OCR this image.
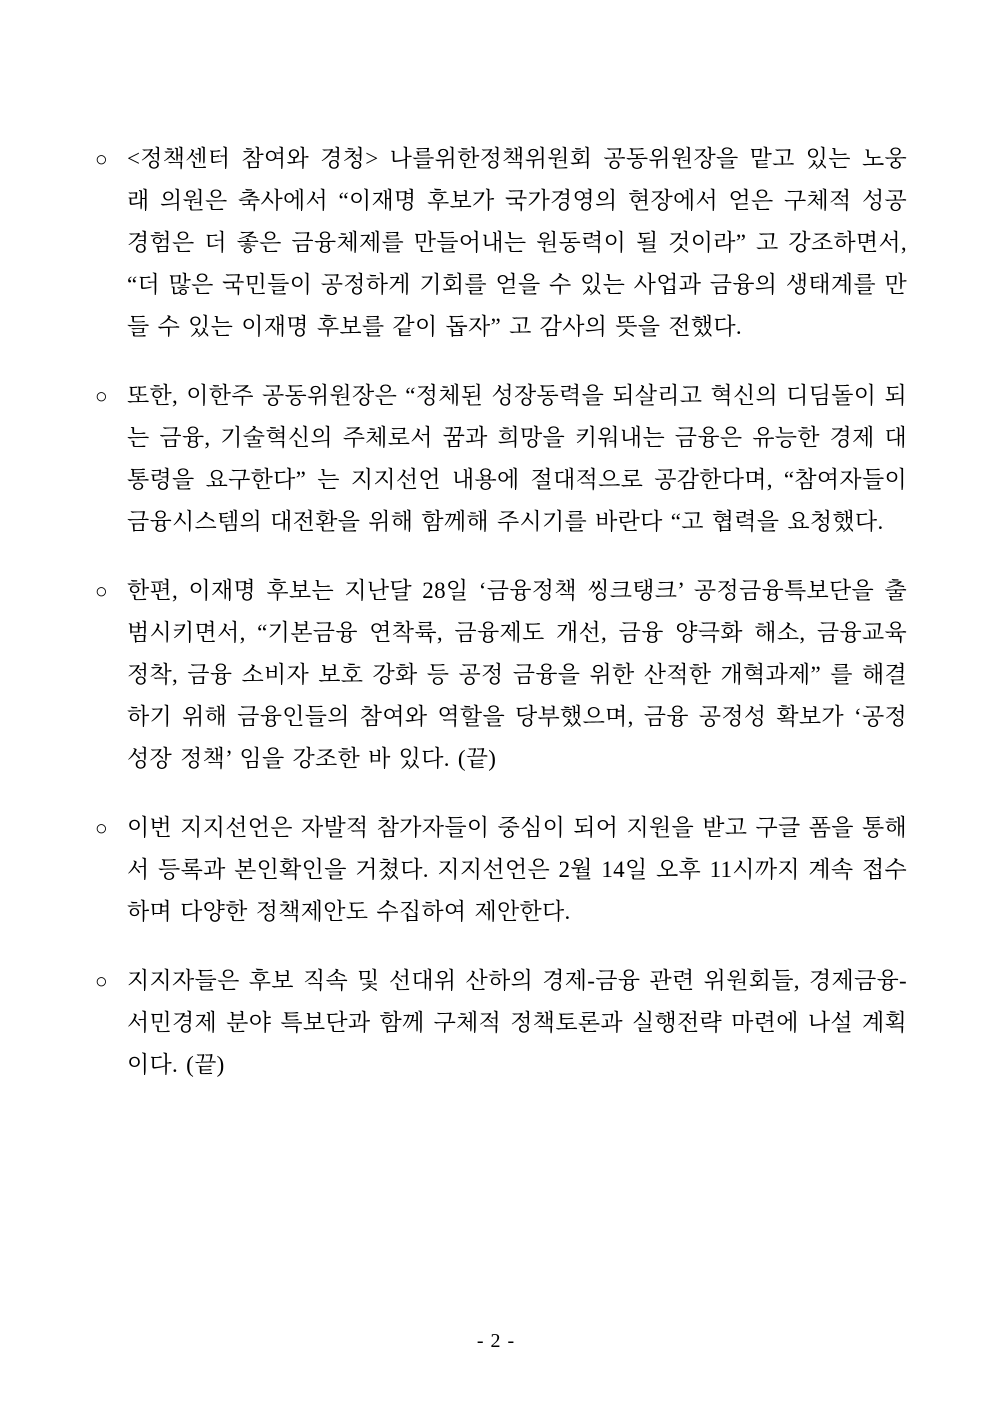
○ <정책센터 참여와 경청> 나를위한정책위원회 공동위원장을 맡고 있는 노웅래 의원은 축사에서 “이재명 후보가 국가경영의 현장에서 얻은 구체적 성공경험은 더 좋은 금융체제를 만들어내는 원동력이 될 것이라” 고 강조하면서, “더 많은 국민들이 공정하게 기회를 얻을 수 있는 사업과 금융의 생태계를 만들 수 있는 이재명 후보를 같이 돕자” 고 감사의 뜻을 전했다.
○ 또한, 이한주 공동위원장은 “정체된 성장동력을 되살리고 혁신의 디딤돌이 되는 금융, 기술혁신의 주체로서 꿈과 희망을 키워내는 금융은 유능한 경제 대통령을 요구한다” 는 지지선언 내용에 절대적으로 공감한다며, “참여자들이 금융시스템의 대전환을 위해 함께해 주시기를 바란다 “고 협력을 요청했다.
○ 한편, 이재명 후보는 지난달 28일 ‘금융정책 씽크탱크’ 공정금융특보단을 출범시키면서, “기본금융 연착륙, 금융제도 개선, 금융 양극화 해소, 금융교육 정착, 금융 소비자 보호 강화 등 공정 금융을 위한 산적한 개혁과제” 를 해결하기 위해 금융인들의 참여와 역할을 당부했으며, 금융 공정성 확보가 ‘공정성장 정책’ 임을 강조한 바 있다. (끝)
○ 이번 지지선언은 자발적 참가자들이 중심이 되어 지원을 받고 구글 폼을 통해서 등록과 본인확인을 거쳤다. 지지선언은 2월 14일 오후 11시까지 계속 접수하며 다양한 정책제안도 수집하여 제안한다.
○ 지지자들은 후보 직속 및 선대위 산하의 경제-금융 관련 위원회들, 경제금융-서민경제 분야 특보단과 함께 구체적 정책토론과 실행전략 마련에 나설 계획이다. (끝)
- 2 -
